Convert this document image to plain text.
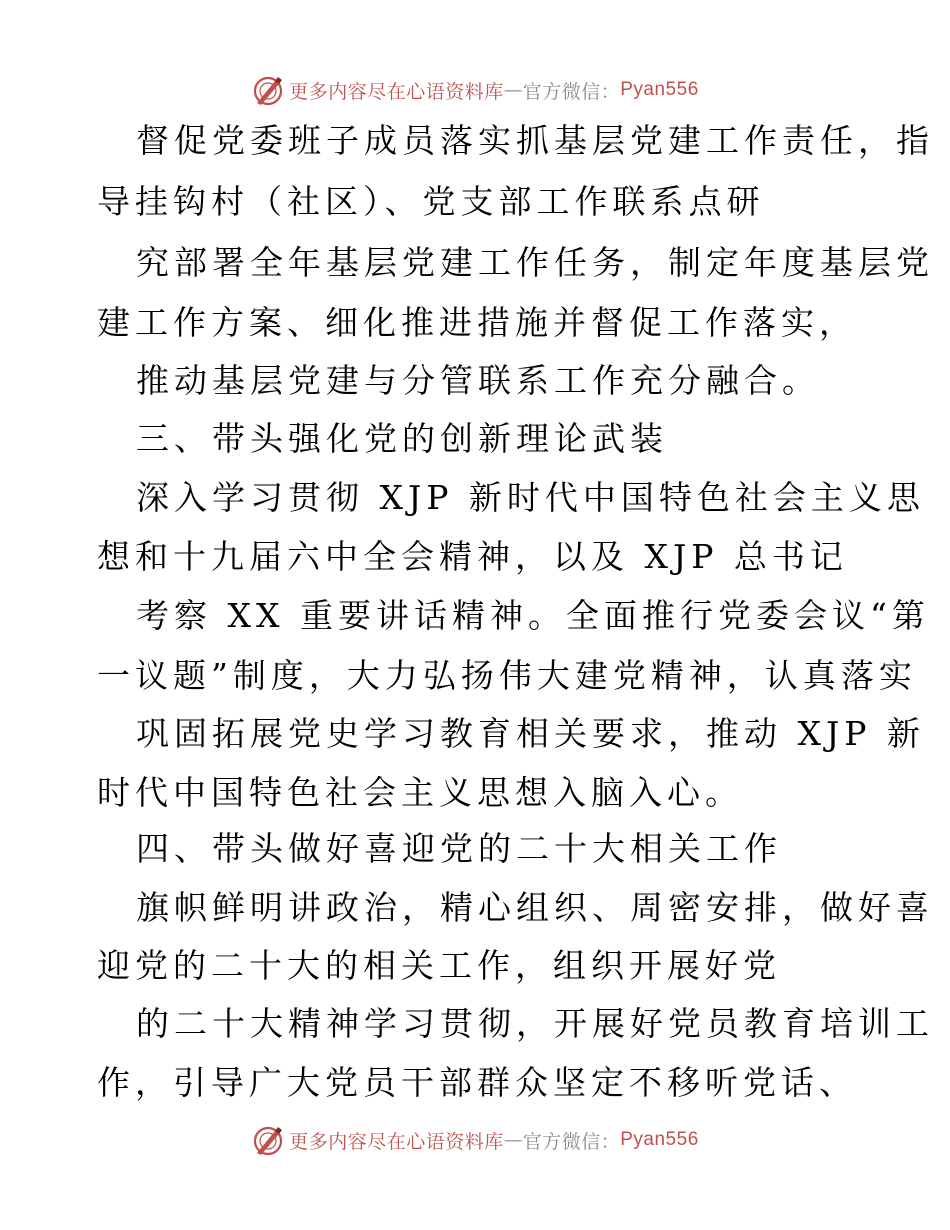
更多内容尽在心语资料库 — 官方微信： Pyan556
督促党委班子成员落实抓基层党建工作责任，指
导挂钩村（社区）、党支部工作联系点研
究部署全年基层党建工作任务，制定年度基层党
建工作方案、细化推进措施并督促工作落实，
推动基层党建与分管联系工作充分融合。
三、带头强化党的创新理论武装
深入学习贯彻 XJP 新时代中国特色社会主义思
想和十九届六中全会精神，以及 XJP 总书记
考察 XX 重要讲话精神。全面推行党委会议“第
一议题”制度，大力弘扬伟大建党精神，认真落实
巩固拓展党史学习教育相关要求，推动 XJP 新
时代中国特色社会主义思想入脑入心。
四、带头做好喜迎党的二十大相关工作
旗帜鲜明讲政治，精心组织、周密安排，做好喜
迎党的二十大的相关工作，组织开展好党
的二十大精神学习贯彻，开展好党员教育培训工
作，引导广大党员干部群众坚定不移听党话、
更多内容尽在心语资料库 — 官方微信： Pyan556
